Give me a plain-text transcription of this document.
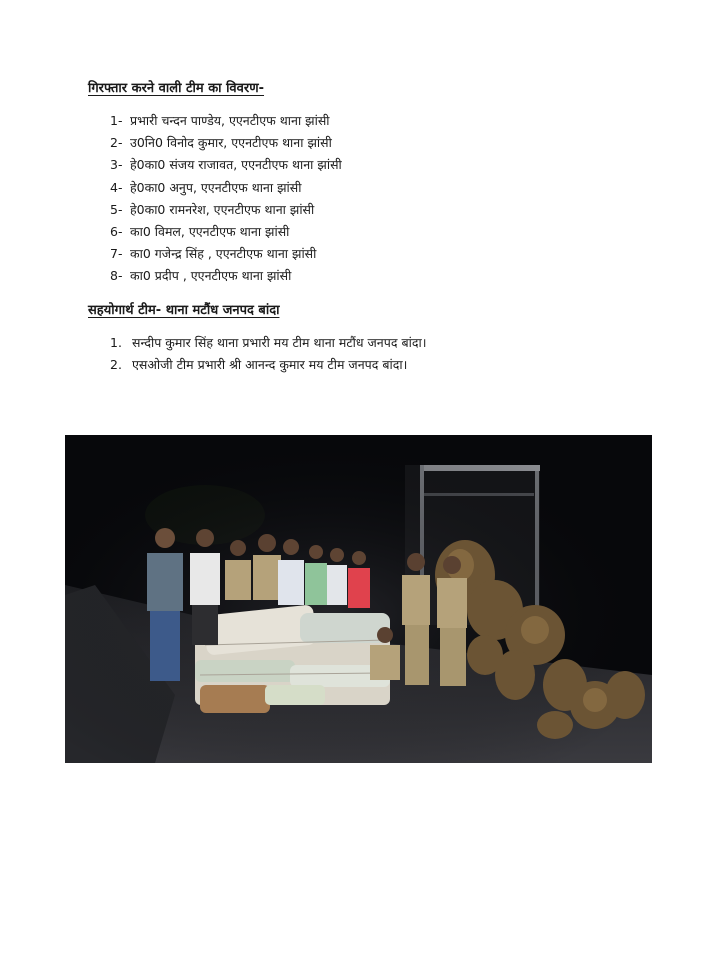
गिरफ्तार करने वाली टीम का विवरण-
1- प्रभारी चन्दन पाण्डेय, एएनटीएफ थाना झांसी
2- उ0नि0 विनोद कुमार, एएनटीएफ थाना झांसी
3- हे0का0 संजय राजावत, एएनटीएफ थाना झांसी
4- हे0का0 अनुप, एएनटीएफ थाना झांसी
5- हे0का0 रामनरेश, एएनटीएफ थाना झांसी
6- का0 विमल, एएनटीएफ थाना झांसी
7- का0 गजेन्द्र सिंह , एएनटीएफ थाना झांसी
8- का0 प्रदीप , एएनटीएफ थाना झांसी
सहयोगार्थ टीम- थाना मटौंध जनपद बांदा
1. सन्दीप कुमार सिंह थाना प्रभारी मय टीम थाना मटौंध जनपद बांदा।
2. एसओजी टीम प्रभारी श्री आनन्द कुमार मय टीम जनपद बांदा।
